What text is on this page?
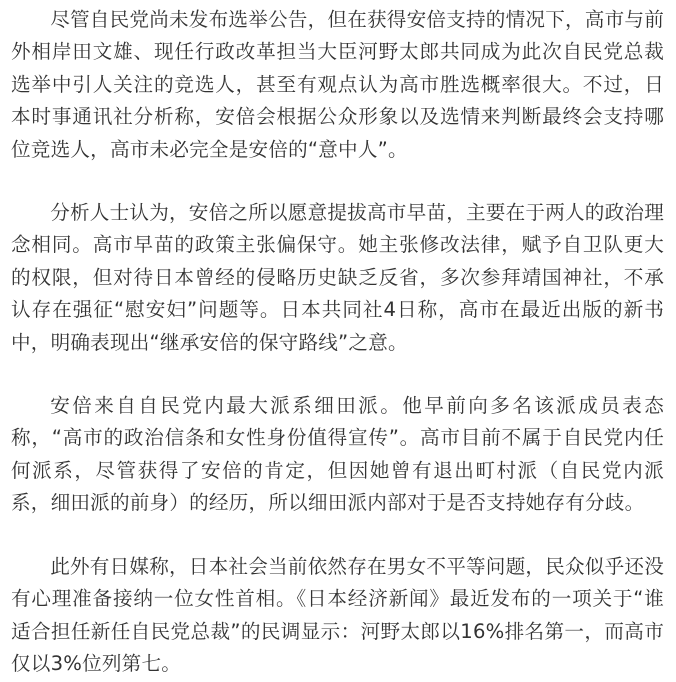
尽管自民党尚未发布选举公告，但在获得安倍支持的情况下，高市与前外相岸田文雄、现任行政改革担当大臣河野太郎共同成为此次自民党总裁选举中引人关注的竞选人，甚至有观点认为高市胜选概率很大。不过，日本时事通讯社分析称，安倍会根据公众形象以及选情来判断最终会支持哪位竞选人，高市未必完全是安倍的“意中人”。

分析人士认为，安倍之所以愿意提拔高市早苗，主要在于两人的政治理念相同。高市早苗的政策主张偏保守。她主张修改法律，赋予自卫队更大的权限，但对待日本曾经的侵略历史缺乏反省，多次参拜靖国神社，不承认存在强征“慰安妇”问题等。日本共同社4日称，高市在最近出版的新书中，明确表现出“继承安倍的保守路线”之意。

安倍来自自民党内最大派系细田派。他早前向多名该派成员表态称，“高市的政治信条和女性身份值得宣传”。高市目前不属于自民党内任何派系，尽管获得了安倍的肯定，但因她曾有退出町村派（自民党内派系，细田派的前身）的经历，所以细田派内部对于是否支持她存有分歧。

此外有日媒称，日本社会当前依然存在男女不平等问题，民众似乎还没有心理准备接纳一位女性首相。《日本经济新闻》最近发布的一项关于“谁适合担任新任自民党总裁”的民调显示：河野太郎以16%排名第一，而高市仅以3%位列第七。
